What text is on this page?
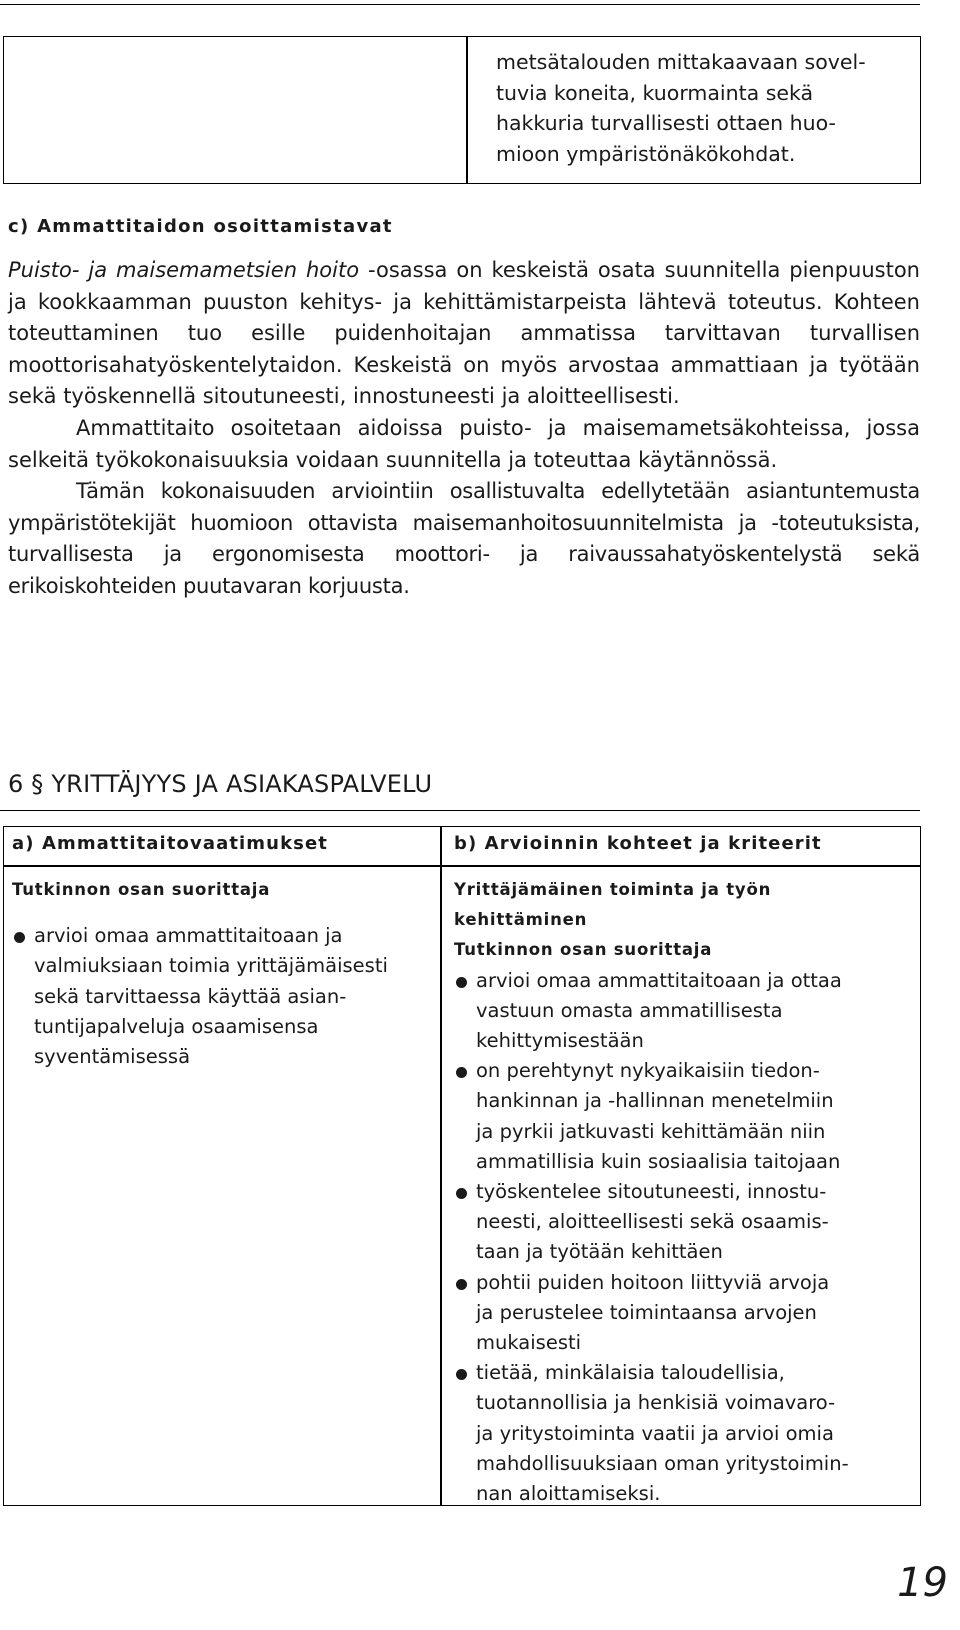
metsätalouden mittakaavaan sovel-
tuvia koneita, kuormainta sekä
hakkuria turvallisesti ottaen huo-
mioon ympäristönäkökohdat.
c) Ammattitaidon osoittamistavat

Puisto- ja maisemametsien hoito -osassa on keskeistä osata suunnitella pienpuuston ja kookkaamman puuston kehitys- ja kehittämistarpeista lähtevä toteutus. Kohteen toteuttaminen tuo esille puidenhoitajan ammatissa tarvittavan turvallisen moottorisahatyöskentelytaidon. Keskeistä on myös arvostaa ammattiaan ja työtään sekä työskennellä sitoutuneesti, innostuneesti ja aloitteellisesti.

Ammattitaito osoitetaan aidoissa puisto- ja maisemametsäkohteissa, jossa selkeitä työkokonaisuuksia voidaan suunnitella ja toteuttaa käytännössä.

Tämän kokonaisuuden arviointiin osallistuvalta edellytetään asiantuntemusta ympäristötekijät huomioon ottavista maisemanhoitosuunnitelmista ja -toteutuksista, turvallisesta ja ergonomisesta moottori- ja raivaussahatyöskentelystä sekä erikoiskohteiden puutavaran korjuusta.

6 § YRITTÄJYYS JA ASIAKASPALVELU
a) Ammattitaitovaatimukset	b) Arvioinnin kohteet ja kriteerit
Tutkinnon osan suorittaja
arvioi omaa ammattitaitoaan ja
valmiuksiaan toimia yrittäjämäisesti
sekä tarvittaessa käyttää asian-
tuntijapalveluja osaamisensa
syventämisessä
Yrittäjämäinen toiminta ja työn
kehittäminen
Tutkinnon osan suorittaja
arvioi omaa ammattitaitoaan ja ottaa
vastuun omasta ammatillisesta
kehittymisestään
on perehtynyt nykyaikaisiin tiedon-
hankinnan ja -hallinnan menetelmiin
ja pyrkii jatkuvasti kehittämään niin
ammatillisia kuin sosiaalisia taitojaan
työskentelee sitoutuneesti, innostu-
neesti, aloitteellisesti sekä osaamis-
taan ja työtään kehittäen
pohtii puiden hoitoon liittyviä arvoja
ja perustelee toimintaansa arvojen
mukaisesti
tietää, minkälaisia taloudellisia,
tuotannollisia ja henkisiä voimavaro-
ja yritystoiminta vaatii ja arvioi omia
mahdollisuuksiaan oman yritystoimin-
nan aloittamiseksi.
19
